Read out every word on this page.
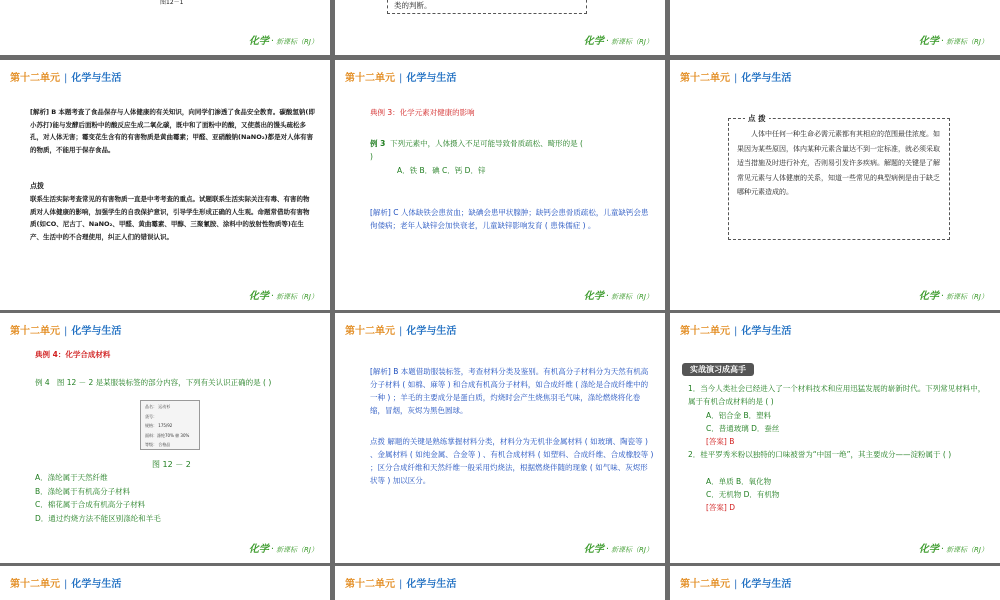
图12－1
化学 · 新课标（RJ）
类的判断。
化学 · 新课标（RJ）	化学 · 新课标（RJ）
第十二单元 | 化学与生活
[解析] B 本题考查了食品保存与人体健康的有关知识，向同学们渗透了食品安全教育。碳酸氢钠(即小苏打)能与发酵后面粉中的酸反应生成二氧化碳，既中和了面粉中的酸，又使蒸出的馒头疏松多孔，对人体无害；霉变花生含有的有害物质是黄曲霉素；甲醛、亚硝酸钠(NaNO₂)都是对人体有害的物质，不能用于保存食品。
点拨
联系生活实际考查常见的有害物质一直是中考考查的重点。试题联系生活实际关注有毒、有害的物质对人体健康的影响，加强学生的自我保护意识，引导学生形成正确的人生观。命题常借助有害物质(如CO、尼古丁、NaNO₂、甲醛、黄曲霉素、甲醇、三聚氰胺、涂料中的放射性物质等)在生产、生活中的不合理使用，纠正人们的错误认识。
化学 · 新课标（RJ）
第十二单元 | 化学与生活
典例 3：化学元素对健康的影响
例 3 下列元素中，人体摄入不足可能导致骨质疏松、畸形的是 (
)
A．铁 B．碘 C．钙 D．锌
[解析] C 人体缺铁会患贫血；缺碘会患甲状腺肿；缺钙会患骨质疏松，儿童缺钙会患佝偻病；老年人缺锌会加快衰老，儿童缺锌影响发育 ( 患侏儒症 ) 。
化学 · 新课标（RJ）
第十二单元 | 化学与生活
点 拨
人体中任何一种生命必需元素都有其相应的范围最佳浓度。如果因为某些原因，体内某种元素含量达不到一定标准，就必须采取适当措施及时进行补充，否则易引发许多疾病。解题的关键是了解常见元素与人体健康的关系，知道一些常见的典型病例是由于缺乏哪种元素造成的。
化学 · 新课标（RJ）
第十二单元 | 化学与生活
典例 4：化学合成材料
例 4 图 12 － 2 是某服装标签的部分内容，下列有关认识正确的是 ( )
品名： 运动衫
货号：
规格： 175/92
面料：涤纶70% 棉 30%
等级： 合格品
图 12 － 2
A．涤纶属于天然纤维
B．涤纶属于有机高分子材料
C．棉花属于合成有机高分子材料
D．通过灼烧方法不能区别涤纶和羊毛
化学 · 新课标（RJ）
第十二单元 | 化学与生活
[解析] B 本题借助服装标签，考查材料分类及鉴别。有机高分子材料分为天然有机高分子材料 ( 如棉、麻等 ) 和合成有机高分子材料，如合成纤维 ( 涤纶是合成纤维中的一种 ) ；羊毛的主要成分是蛋白质，灼烧时会产生烧焦羽毛气味，涤纶燃烧将化卷缩，冒烟，灰烬为黑色圆球。
点拨 解题的关键是熟练掌握材料分类，材料分为无机非金属材料 ( 如玻璃、陶瓷等 ) 、金属材料 ( 如纯金属、合金等 ) 、有机合成材料 ( 如塑料、合成纤维、合成橡胶等 ) ；区分合成纤维和天然纤维一般采用灼烧法，根据燃烧伴随的现象 ( 如气味、灰烬形状等 ) 加以区分。
化学 · 新课标（RJ）
第十二单元 | 化学与生活
实战演习成高手
1．当今人类社会已经进入了一个材料技术和应用迅猛发展的崭新时代。下列常见材料中，属于有机合成材料的是 ( )
A．铝合金 B．塑料
C．普通玻璃 D．蚕丝
[答案] B
2．桂平罗秀米粉以独特的口味被誉为“中国一绝”，其主要成分——淀粉属于 ( )
A．单质 B．氧化物
C．无机物 D．有机物
[答案] D
化学 · 新课标（RJ）
第十二单元 | 化学与生活	第十二单元 | 化学与生活	第十二单元 | 化学与生活
